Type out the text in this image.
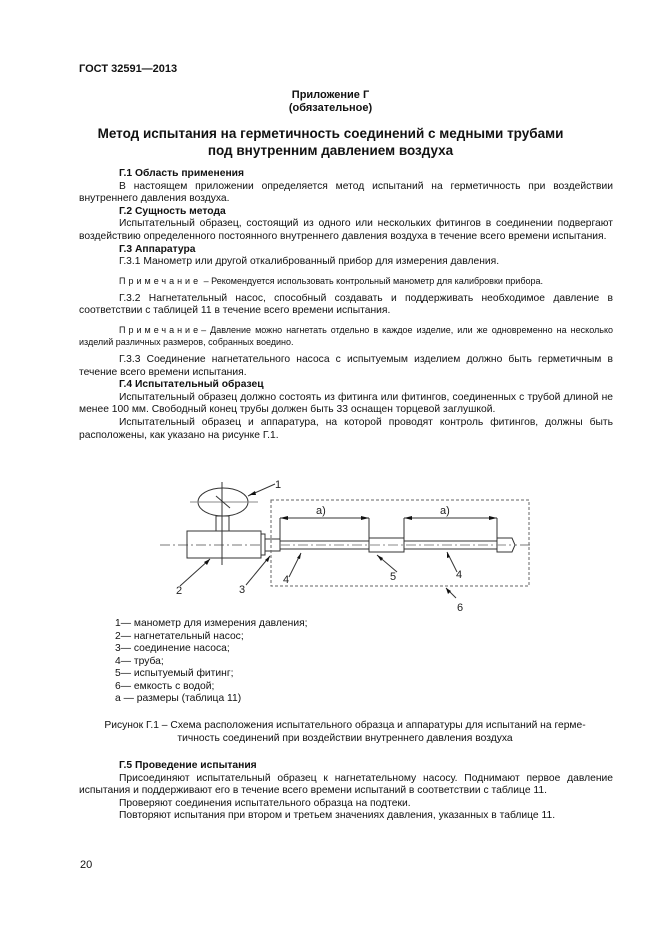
ГОСТ 32591—2013
Приложение Г
(обязательное)
Метод испытания на герметичность соединений с медными трубами
под внутренним давлением воздуха

Г.1 Область применения

В настоящем приложении определяется метод испытаний на герметичность при воздействии внутреннего давления воздуха.

Г.2 Сущность метода

Испытательный образец, состоящий из одного или нескольких фитингов в соединении подвергают воздействию определенного постоянного внутреннего давления воздуха в течение всего времени испытания.

Г.3 Аппаратура

Г.3.1 Манометр или другой откалиброванный прибор для измерения давления.

Примечание – Рекомендуется использовать контрольный манометр для калибровки прибора.

Г.3.2 Нагнетательный насос, способный создавать и поддерживать необходимое давление в соответствии с таблицей 11 в течение всего времени испытания.

Примечание– Давление можно нагнетать отдельно в каждое изделие, или же одновременно на несколько изделий различных размеров, собранных воедино.

Г.3.3 Соединение нагнетательного насоса с испытуемым изделием должно быть герметичным в течение всего времени испытания.

Г.4 Испытательный образец

Испытательный образец должно состоять из фитинга или фитингов, соединенных с трубой длиной не менее 100 мм. Свободный конец трубы должен быть 33 оснащен торцевой заглушкой.

Испытательный образец и аппаратура, на которой проводят контроль фитингов, должны быть расположены, как указано на рисунке Г.1.

1
2	3
4	5	4
6
a)	a)
1— манометр для измерения давления;
2— нагнетательный насос;
3— соединение насоса;
4— труба;
5— испытуемый фитинг;
6— емкость с водой;
а — размеры (таблица 11)
Рисунок Г.1 – Схема расположения испытательного образца и аппаратуры для испытаний на герме-
тичность соединений при воздействии внутреннего давления воздуха

Г.5 Проведение испытания

Присоединяют испытательный образец к нагнетательному насосу. Поднимают первое давление испытания и поддерживают его в течение всего времени испытаний в соответствии с таблице 11.

Проверяют соединения испытательного образца на подтеки.

Повторяют испытания при втором и третьем значениях давления, указанных в таблице 11.

20
